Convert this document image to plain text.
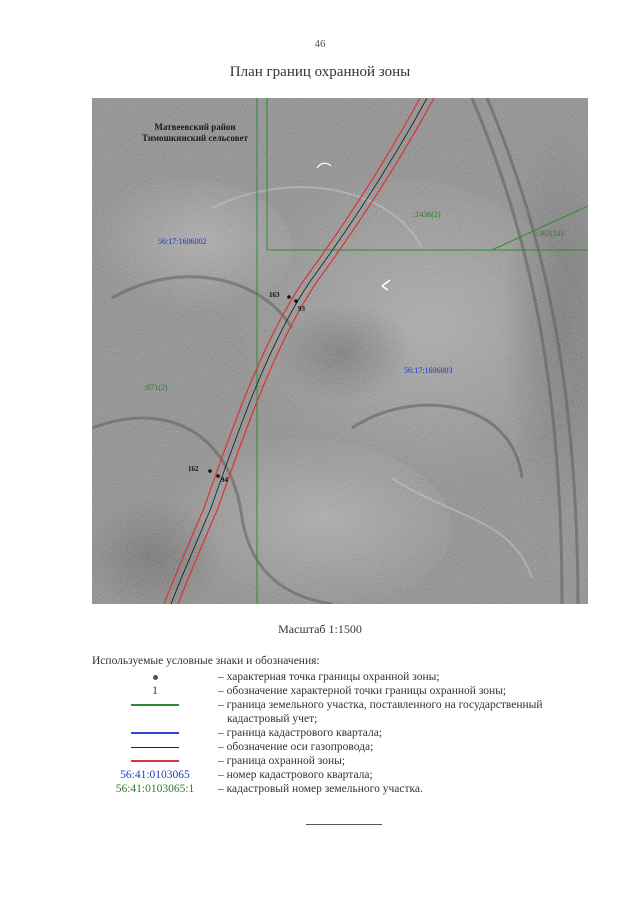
46
План границ охранной зоны
Матвеевский район
Тимошкинский сельсовет
56:17:1606002
56:17:1606003
:1436(2)
:362(24)
:671(2)
163
93
162
94
Масштаб 1:1500
Используемые условные знаки и обозначения:
– характерная точка границы охранной зоны;
1	– обозначение характерной точки границы охранной зоны;
– граница земельного участка, поставленного на государственный
кадастровый учет;
– граница кадастрового квартала;
– обозначение оси газопровода;
– граница охранной зоны;
56:41:0103065 – номер кадастрового квартала;
56:41:0103065:1 – кадастровый номер земельного участка.
